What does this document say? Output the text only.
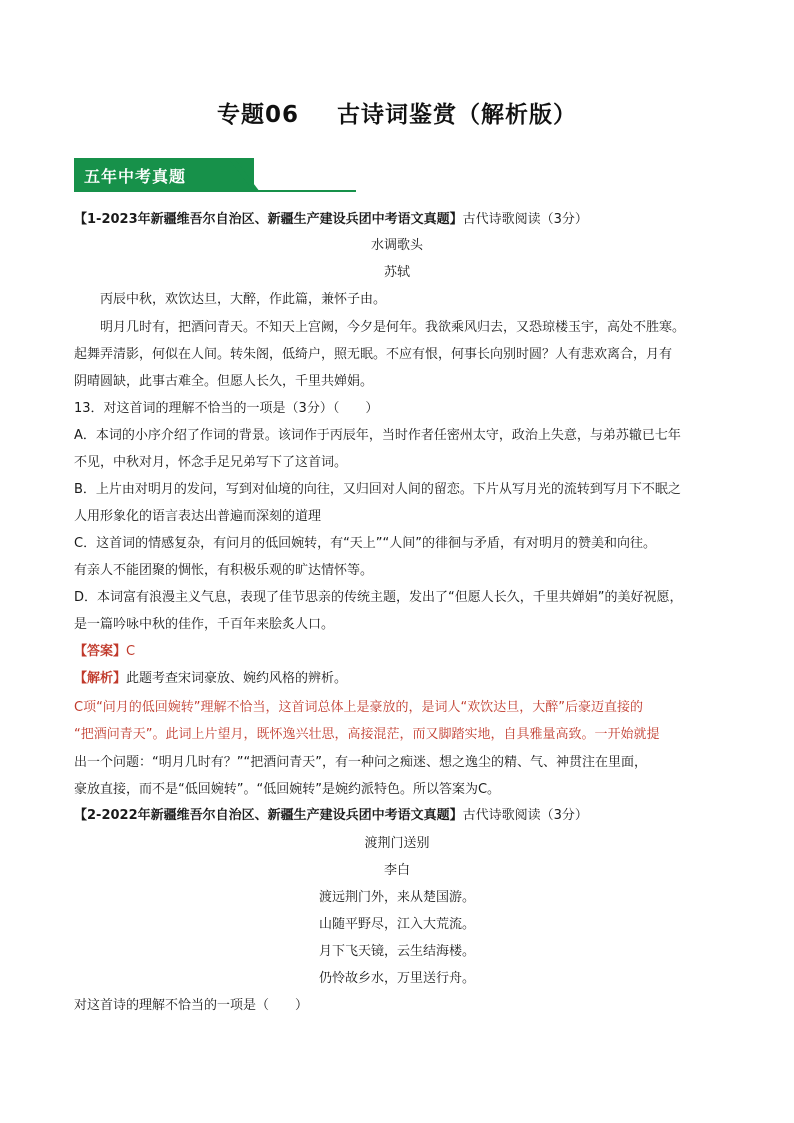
专题06 古诗词鉴赏（解析版）
五年中考真题
【1-2023年新疆维吾尔自治区、新疆生产建设兵团中考语文真题】古代诗歌阅读（3分）
水调歌头
苏轼
丙辰中秋，欢饮达旦，大醉，作此篇，兼怀子由。
明月几时有，把酒问青天。不知天上宫阙，今夕是何年。我欲乘风归去，又恐琼楼玉宇，高处不胜寒。
起舞弄清影，何似在人间。转朱阁，低绮户，照无眠。不应有恨，何事长向别时圆？人有悲欢离合，月有
阴晴圆缺，此事古难全。但愿人长久，千里共婵娟。
13．对这首词的理解不恰当的一项是（3分）（　　）
A．本词的小序介绍了作词的背景。该词作于丙辰年，当时作者任密州太守，政治上失意，与弟苏辙已七年
不见，中秋对月，怀念手足兄弟写下了这首词。
B．上片由对明月的发问，写到对仙境的向往，又归回对人间的留恋。下片从写月光的流转到写月下不眠之
人用形象化的语言表达出普遍而深刻的道理
C．这首词的情感复杂，有问月的低回婉转，有“天上”“人间”的徘徊与矛盾，有对明月的赞美和向往。
有亲人不能团聚的惆怅，有积极乐观的旷达情怀等。
D．本词富有浪漫主义气息，表现了佳节思亲的传统主题，发出了“但愿人长久，千里共婵娟”的美好祝愿，
是一篇吟咏中秋的佳作，千百年来脍炙人口。
【答案】C
【解析】此题考查宋词豪放、婉约风格的辨析。
C项“问月的低回婉转”理解不恰当，这首词总体上是豪放的，是词人“欢饮达旦，大醉”后豪迈直接的
“把酒问青天”。此词上片望月，既怀逸兴壮思，高接混茫，而又脚踏实地，自具雅量高致。一开始就提
出一个问题：“明月几时有？”“把酒问青天”，有一种问之痴迷、想之逸尘的精、气、神贯注在里面，
豪放直接，而不是“低回婉转”。“低回婉转”是婉约派特色。所以答案为C。
【2-2022年新疆维吾尔自治区、新疆生产建设兵团中考语文真题】古代诗歌阅读（3分）
渡荆门送别
李白
渡远荆门外，来从楚国游。
山随平野尽，江入大荒流。
月下飞天镜，云生结海楼。
仍怜故乡水，万里送行舟。
对这首诗的理解不恰当的一项是（　　）
